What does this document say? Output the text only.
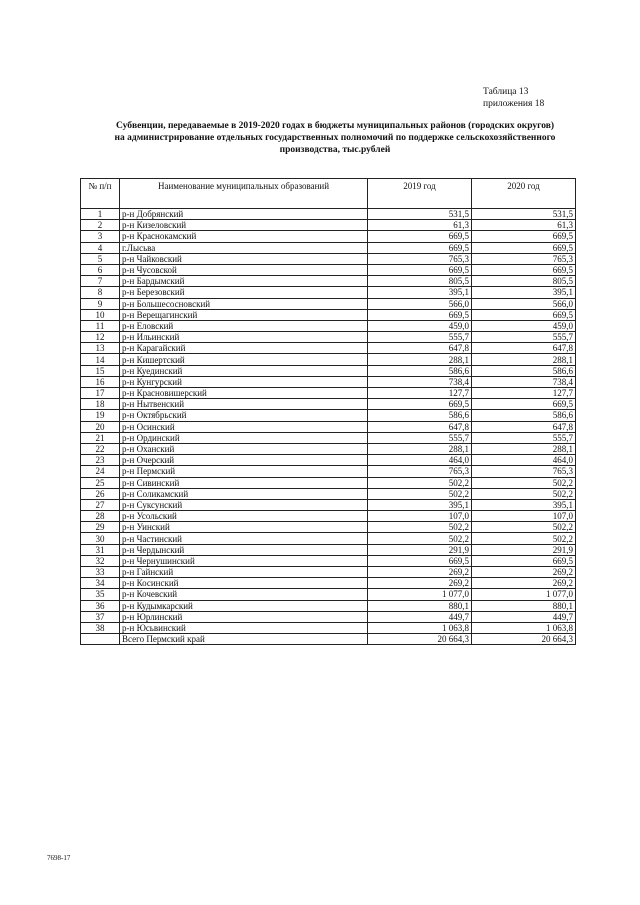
Таблица 13
приложения 18
Субвенции, передаваемые в 2019-2020 годах в бюджеты муниципальных районов (городских округов)
на администрирование отдельных государственных полномочий по поддержке сельскохозяйственного
производства, тыс.рублей
№ п/п	Наименование муниципальных образований	2019 год	2020 год
1	р-н Добрянский	531,5	531,5
2	р-н Кизеловский	61,3	61,3
3	р-н Краснокамский	669,5	669,5
4	г.Лысьва	669,5	669,5
5	р-н Чайковский	765,3	765,3
6	р-н Чусовской	669,5	669,5
7	р-н Бардымский	805,5	805,5
8	р-н Березовский	395,1	395,1
9	р-н Большесосновский	566,0	566,0
10	р-н Верещагинский	669,5	669,5
11	р-н Еловский	459,0	459,0
12	р-н Ильинский	555,7	555,7
13	р-н Карагайский	647,8	647,8
14	р-н Кишертский	288,1	288,1
15	р-н Куединский	586,6	586,6
16	р-н Кунгурский	738,4	738,4
17	р-н Красновишерский	127,7	127,7
18	р-н Нытвенский	669,5	669,5
19	р-н Октябрьский	586,6	586,6
20	р-н Осинский	647,8	647,8
21	р-н Ординский	555,7	555,7
22	р-н Оханский	288,1	288,1
23	р-н Очерский	464,0	464,0
24	р-н Пермский	765,3	765,3
25	р-н Сивинский	502,2	502,2
26	р-н Соликамский	502,2	502,2
27	р-н Суксунский	395,1	395,1
28	р-н Усольский	107,0	107,0
29	р-н Уинский	502,2	502,2
30	р-н Частинский	502,2	502,2
31	р-н Чердынский	291,9	291,9
32	р-н Чернушинский	669,5	669,5
33	р-н Гайнский	269,2	269,2
34	р-н Косинский	269,2	269,2
35	р-н Кочевский	1 077,0	1 077,0
36	р-н Кудымкарский	880,1	880,1
37	р-н Юрлинский	449,7	449,7
38	р-н Юсьвинский	1 063,8	1 063,8
	Всего Пермский край	20 664,3	20 664,3
7698-17
